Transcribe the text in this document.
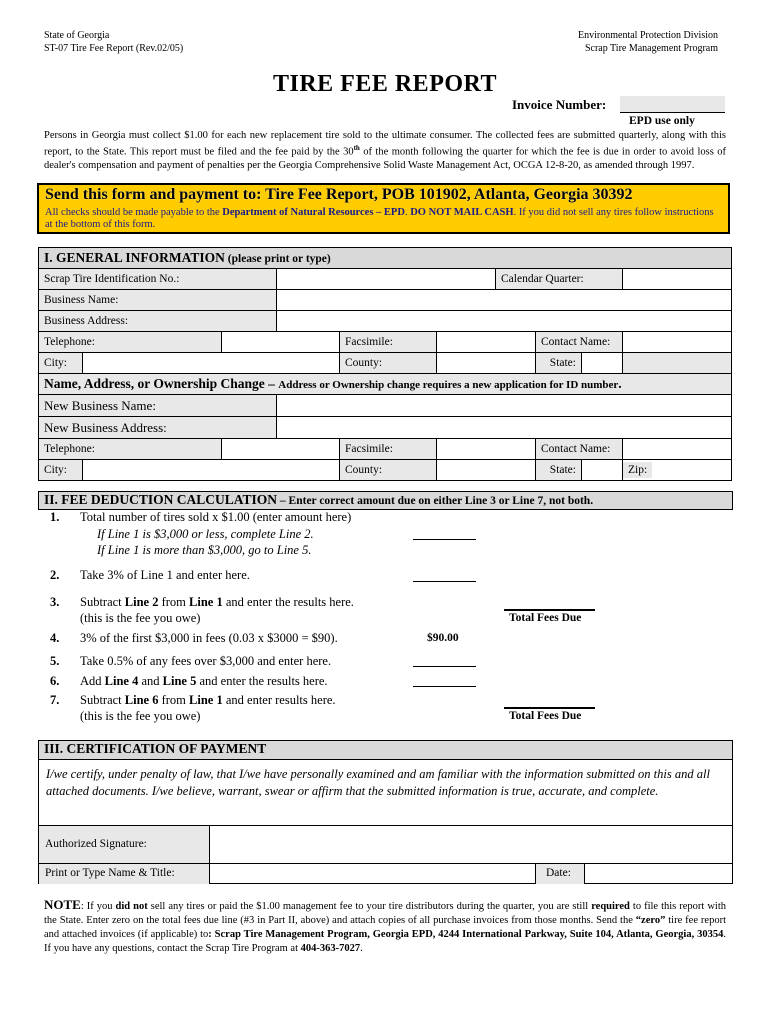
State of Georgia
ST-07 Tire Fee Report (Rev.02/05)
Environmental Protection Division
Scrap Tire Management Program
TIRE FEE REPORT
Invoice Number:
EPD use only
Persons in Georgia must collect $1.00 for each new replacement tire sold to the ultimate consumer. The collected fees are submitted quarterly, along with this report, to the State. This report must be filed and the fee paid by the 30th of the month following the quarter for which the fee is due in order to avoid loss of dealer's compensation and payment of penalties per the Georgia Comprehensive Solid Waste Management Act, OCGA 12-8-20, as amended through 1997.
Send this form and payment to: Tire Fee Report, POB 101902, Atlanta, Georgia 30392
All checks should be made payable to the Department of Natural Resources – EPD. DO NOT MAIL CASH. If you did not sell any tires follow instructions at the bottom of this form.
I. GENERAL INFORMATION (please print or type)									
Scrap Tire Identification No.:						Calendar Quarter:			
Business Name:									
Business Address:									
Telephone:				Facsimile:			Contact Name:		
City:				County:			State:		
Name, Address, or Ownership Change – Address or Ownership change requires a new application for ID number.									
New Business Name:									
New Business Address:									
Telephone:				Facsimile:			Contact Name:		
City:				County:			State:		Zip:
II. FEE DEDUCTION CALCULATION – Enter correct amount due on either Line 3 or Line 7, not both.
1. Total number of tires sold x $1.00 (enter amount here)
If Line 1 is $3,000 or less, complete Line 2.
If Line 1 is more than $3,000, go to Line 5.
2. Take 3% of Line 1 and enter here.
3. Subtract Line 2 from Line 1 and enter the results here.
(this is the fee you owe)	Total Fees Due
4. 3% of the first $3,000 in fees (0.03 x $3000 = $90).	$90.00
5. Take 0.5% of any fees over $3,000 and enter here.
6. Add Line 4 and Line 5 and enter the results here.
7. Subtract Line 6 from Line 1 and enter results here.
(this is the fee you owe)	Total Fees Due
III. CERTIFICATION OF PAYMENT
I/we certify, under penalty of law, that I/we have personally examined and am familiar with the information submitted on this and all attached documents. I/we believe, warrant, swear or affirm that the submitted information is true, accurate, and complete.
Authorized Signature:
Print or Type Name & Title:	Date:
NOTE: If you did not sell any tires or paid the $1.00 management fee to your tire distributors during the quarter, you are still required to file this report with the State. Enter zero on the total fees due line (#3 in Part II, above) and attach copies of all purchase invoices from those months. Send the “zero” tire fee report and attached invoices (if applicable) to: Scrap Tire Management Program, Georgia EPD, 4244 International Parkway, Suite 104, Atlanta, Georgia, 30354. If you have any questions, contact the Scrap Tire Program at 404-363-7027.
